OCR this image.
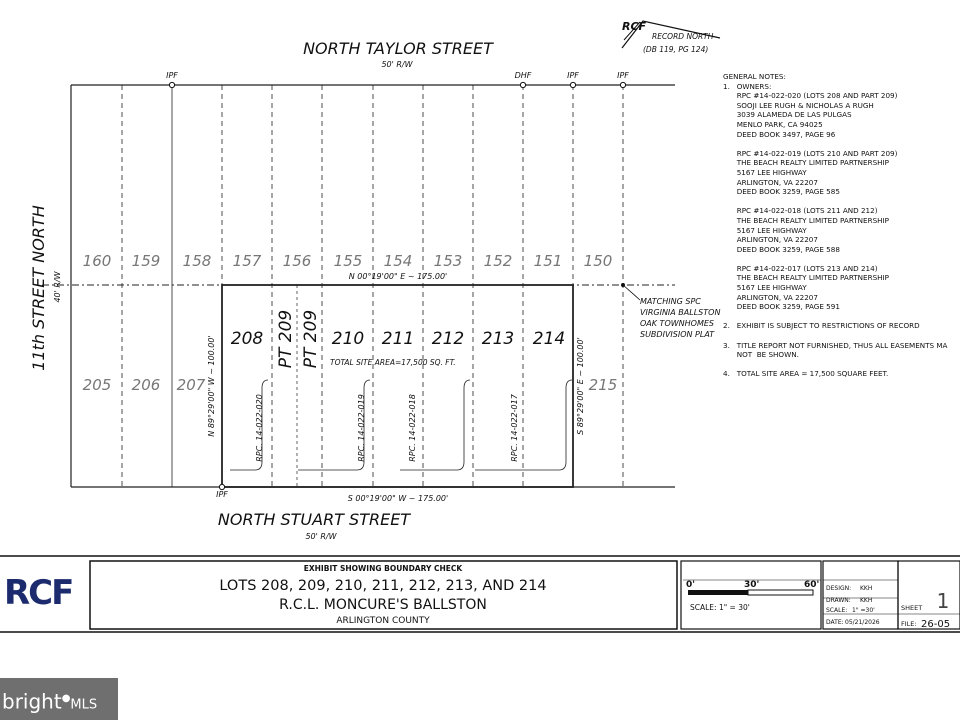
RCF
RECORD NORTH
(DB 119, PG 124)
NORTH TAYLOR STREET
50' R/W
NORTH STUART STREET
50' R/W
11th STREET NORTH 40' R/W
IPF	DHF	IPF	IPF
IPF
160 159 158 157 156 155 154 153 152 151 150
205 206 207	215
208 PT 209 PT 209 210 211 212 213 214
TOTAL SITE AREA=17,500 SQ. FT.
N 00°19'00" E ~ 175.00'
S 00°19'00" W ~ 175.00'
N 89°29'00" W ~ 100.00'	S 89°29'00" E ~ 100.00'
RPC. 14-022-020	RPC. 14-022-019	RPC. 14-022-018	RPC. 14-022-017
MATCHING SPC
VIRGINIA BALLSTON
OAK TOWNHOMES
SUBDIVISION PLAT
RCF
EXHIBIT SHOWING BOUNDARY CHECK
LOTS 208, 209, 210, 211, 212, 213, AND 214
R.C.L. MONCURE'S BALLSTON
ARLINGTON COUNTY
0'	30'	60'
SCALE: 1" = 30'
DESIGN: KKH
DRAWN: KKH
SCALE: 1" =30'
DATE: 05/21/2026
SHEET 1
FILE: 26-05
GENERAL NOTES:
1.   OWNERS:
RPC #14-022-020 (LOTS 208 AND PART 209)
SOOJI LEE RUGH & NICHOLAS A RUGH
3039 ALAMEDA DE LAS PULGAS
MENLO PARK, CA 94025
DEED BOOK 3497, PAGE 96

RPC #14-022-019 (LOTS 210 AND PART 209)
THE BEACH REALTY LIMITED PARTNERSHIP
5167 LEE HIGHWAY
ARLINGTON, VA 22207
DEED BOOK 3259, PAGE 585

RPC #14-022-018 (LOTS 211 AND 212)
THE BEACH REALTY LIMITED PARTNERSHIP
5167 LEE HIGHWAY
ARLINGTON, VA 22207
DEED BOOK 3259, PAGE 588

RPC #14-022-017 (LOTS 213 AND 214)
THE BEACH REALTY LIMITED PARTNERSHIP
5167 LEE HIGHWAY
ARLINGTON, VA 22207
DEED BOOK 3259, PAGE 591

2.   EXHIBIT IS SUBJECT TO RESTRICTIONS OF RECORD

3.   TITLE REPORT NOT FURNISHED, THUS ALL EASEMENTS MA
NOT  BE SHOWN.

4.   TOTAL SITE AREA = 17,500 SQUARE FEET.
bright●MLS
